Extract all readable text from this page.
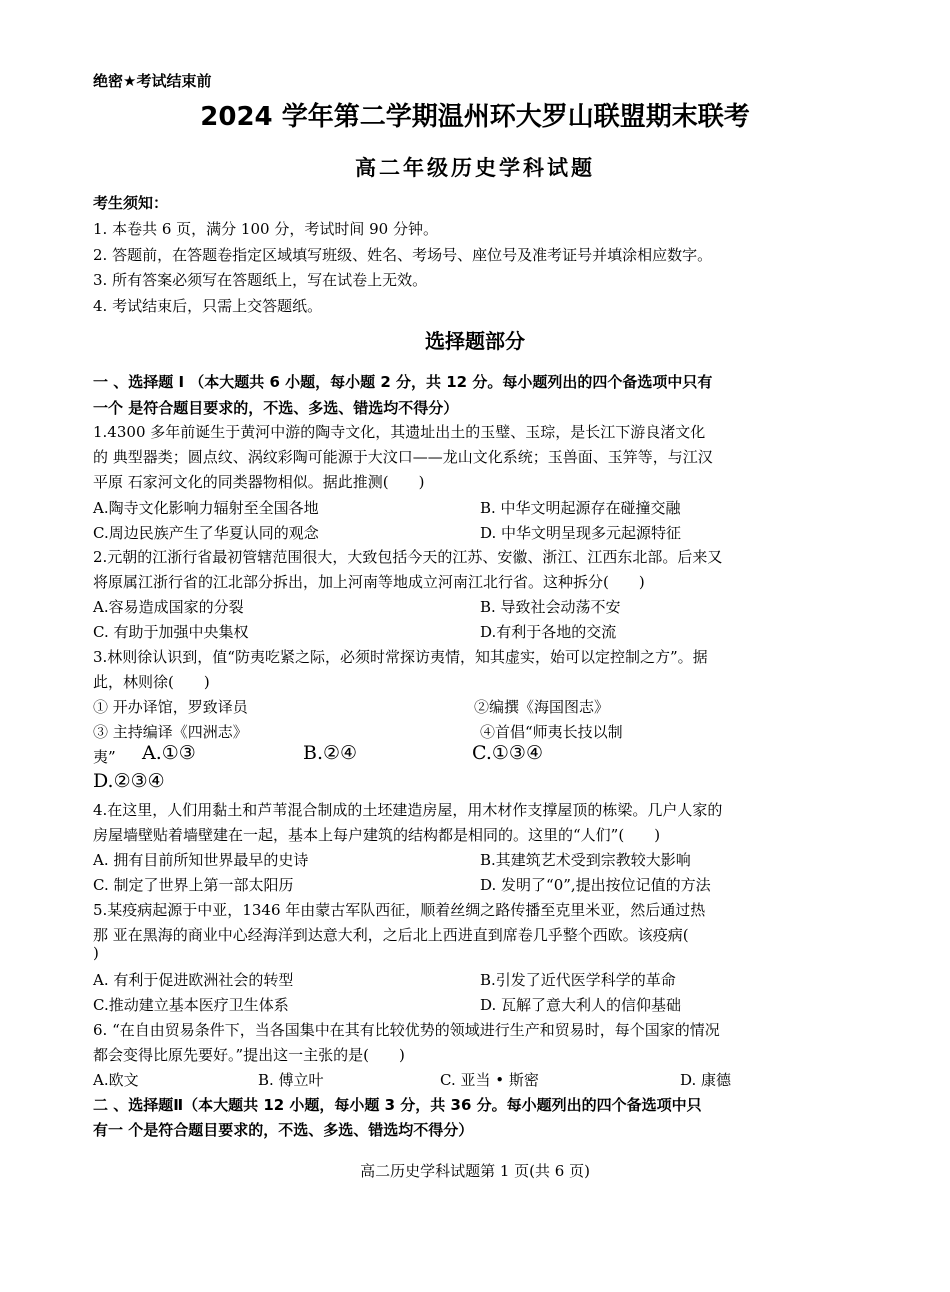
绝密★考试结束前
2024 学年第二学期温州环大罗山联盟期末联考
高二年级历史学科试题
考生须知：
1. 本卷共 6 页，满分 100 分，考试时间 90 分钟。
2. 答题前，在答题卷指定区域填写班级、姓名、考场号、座位号及准考证号并填涂相应数字。
3. 所有答案必须写在答题纸上，写在试卷上无效。
4. 考试结束后，只需上交答题纸。
选择题部分
一 、选择题 I （本大题共 6 小题，每小题 2 分，共 12 分。每小题列出的四个备选项中只有
一个 是符合题目要求的，不选、多选、错选均不得分）
1.4300 多年前诞生于黄河中游的陶寺文化，其遗址出土的玉璧、玉琮，是长江下游良渚文化
的 典型器类；圆点纹、涡纹彩陶可能源于大汶口——龙山文化系统；玉兽面、玉笄等，与江汉
平原 石家河文化的同类器物相似。据此推测(　　)
A.陶寺文化影响力辐射至全国各地	B. 中华文明起源存在碰撞交融
C.周边民族产生了华夏认同的观念	D. 中华文明呈现多元起源特征
2.元朝的江浙行省最初管辖范围很大，大致包括今天的江苏、安徽、浙江、江西东北部。后来又
将原属江浙行省的江北部分拆出，加上河南等地成立河南江北行省。这种拆分(　　)
A.容易造成国家的分裂	B. 导致社会动荡不安
C. 有助于加强中央集权	D.有利于各地的交流
3.林则徐认识到，值“防夷吃紧之际，必须时常探访夷情，知其虚实，始可以定控制之方”。据
此，林则徐(　　)
① 开办译馆，罗致译员	②编撰《海国图志》
③ 主持编译《四洲志》	④首倡“师夷长技以制
夷” A.①③	B.②④	C.①③④
D.②③④
4.在这里，人们用黏土和芦苇混合制成的土坯建造房屋，用木材作支撑屋顶的栋梁。几户人家的
房屋墙壁贴着墙壁建在一起，基本上每户建筑的结构都是相同的。这里的“人们”(　　)
A. 拥有目前所知世界最早的史诗	B.其建筑艺术受到宗教较大影响
C. 制定了世界上第一部太阳历	D. 发明了“0”,提出按位记值的方法
5.某疫病起源于中亚，1346 年由蒙古军队西征，顺着丝绸之路传播至克里米亚，然后通过热
那 亚在黑海的商业中心经海洋到达意大利，之后北上西进直到席卷几乎整个西欧。该疫病(
)
A. 有利于促进欧洲社会的转型	B.引发了近代医学科学的革命
C.推动建立基本医疗卫生体系	D. 瓦解了意大利人的信仰基础
6. “在自由贸易条件下，当各国集中在其有比较优势的领域进行生产和贸易时，每个国家的情况
都会变得比原先要好。”提出这一主张的是(　　)
A.欧文	B. 傅立叶	C. 亚当 • 斯密	D. 康德
二 、选择题Ⅱ（本大题共 12 小题，每小题 3 分，共 36 分。每小题列出的四个备选项中只
有一 个是符合题目要求的，不选、多选、错选均不得分）
高二历史学科试题第 1 页(共 6 页)
